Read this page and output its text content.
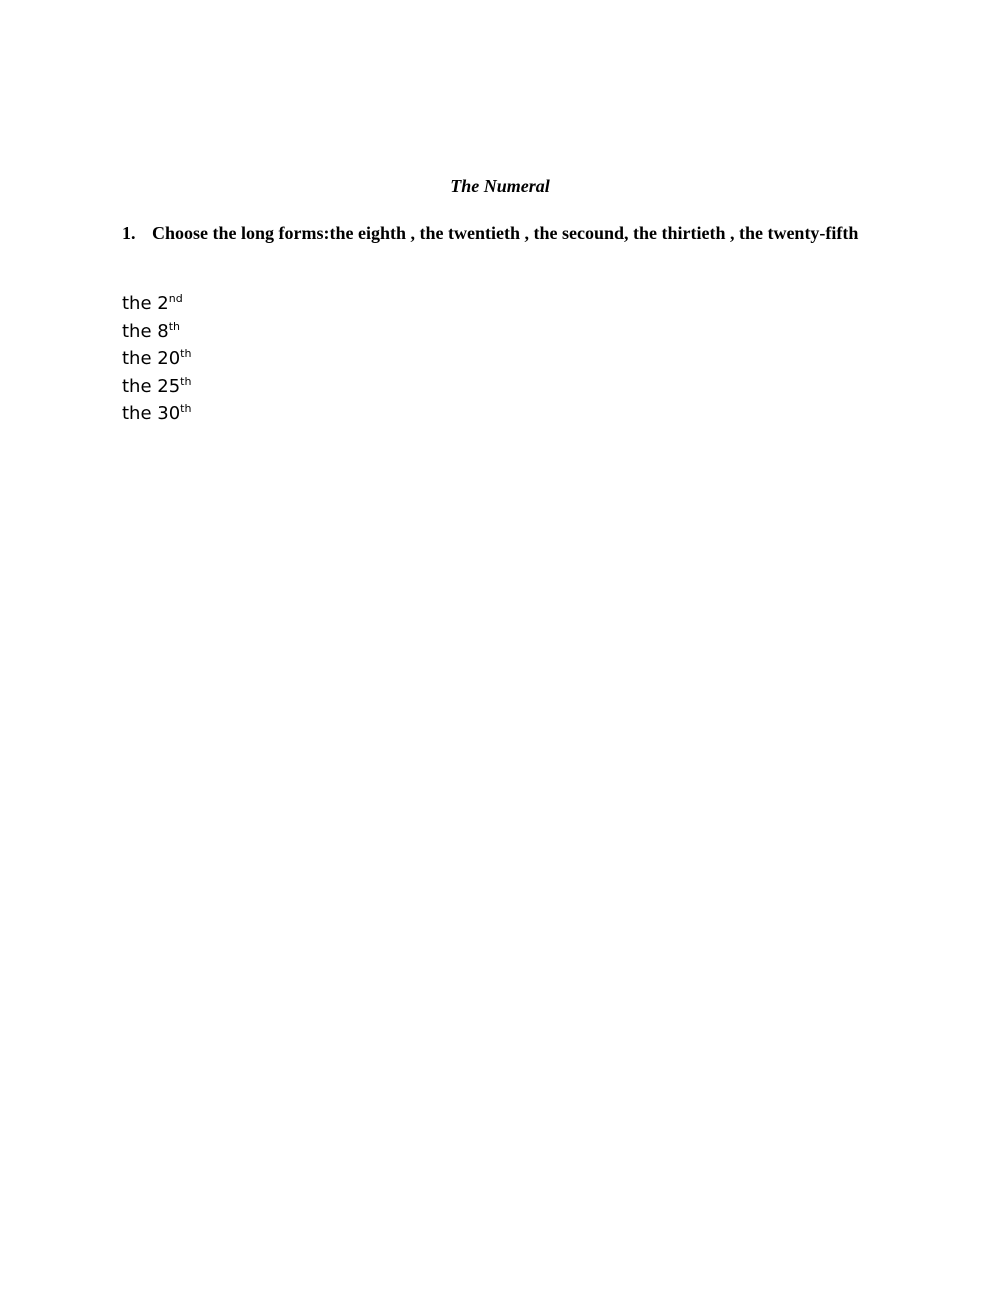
The Numeral
1. Choose the long forms:the eighth , the twentieth , the secound, the thirtieth , the twenty-fifth
the 2nd
the 8th
the 20th
the 25th
the 30th
